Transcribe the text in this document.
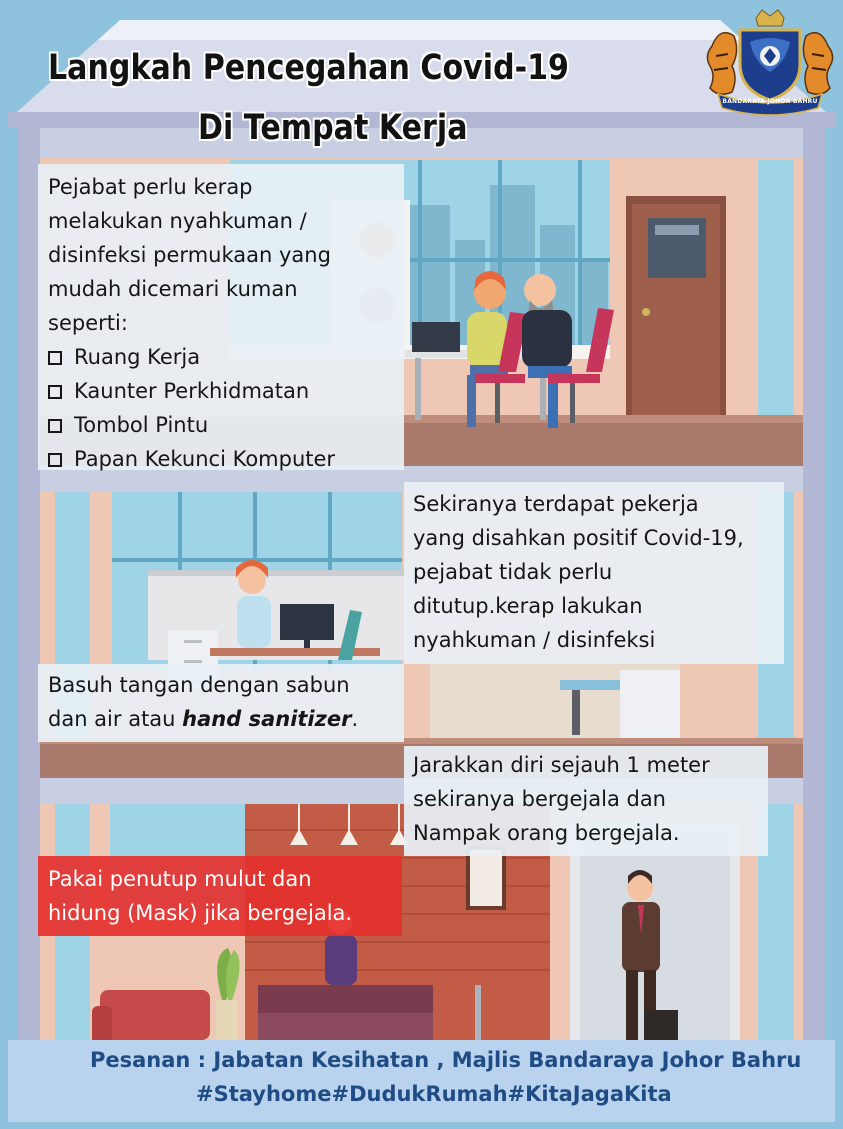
Langkah Pencegahan Covid-19
Di Tempat Kerja
BANDARAYA JOHOR BAHRU
Pejabat perlu kerap
melakukan nyahkuman /
disinfeksi permukaan yang
mudah dicemari kuman
seperti:
Ruang Kerja
Kaunter Perkhidmatan
Tombol Pintu
Papan Kekunci Komputer
Sekiranya terdapat pekerja
yang disahkan positif Covid-19,
pejabat tidak perlu
ditutup.kerap lakukan
nyahkuman / disinfeksi
Basuh tangan dengan sabun
dan air atau hand sanitizer.
Jarakkan diri sejauh 1 meter
sekiranya bergejala dan
Nampak orang bergejala.
Pakai penutup mulut dan
hidung (Mask) jika bergejala.
Pesanan : Jabatan Kesihatan , Majlis Bandaraya Johor Bahru
#Stayhome#DudukRumah#KitaJagaKita
